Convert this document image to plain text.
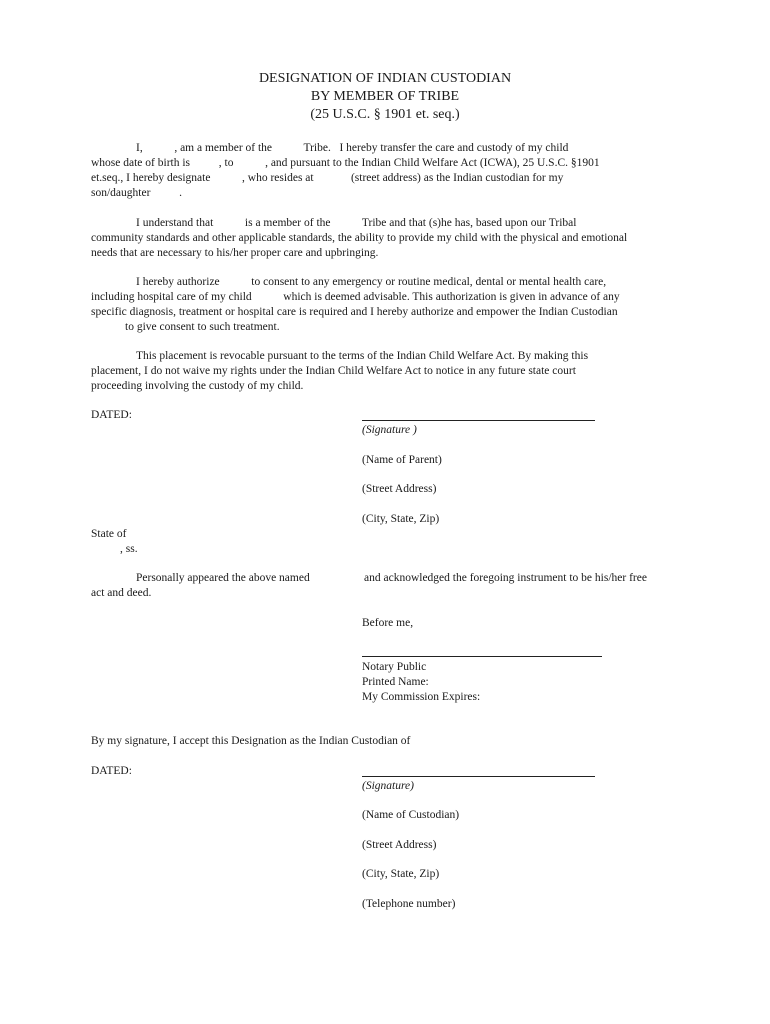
DESIGNATION OF INDIAN CUSTODIAN
BY MEMBER OF TRIBE
(25 U.S.C. § 1901 et. seq.)
I,           , am a member of the           Tribe.   I hereby transfer the care and custody of my child
whose date of birth is          , to           , and pursuant to the Indian Child Welfare Act (ICWA), 25 U.S.C. §1901
et.seq., I hereby designate           , who resides at             (street address) as the Indian custodian for my
son/daughter          .
I understand that           is a member of the           Tribe and that (s)he has, based upon our Tribal
community standards and other applicable standards, the ability to provide my child with the physical and emotional
needs that are necessary to his/her proper care and upbringing.
I hereby authorize           to consent to any emergency or routine medical, dental or mental health care,
including hospital care of my child           which is deemed advisable. This authorization is given in advance of any
specific diagnosis, treatment or hospital care is required and I hereby authorize and empower the Indian Custodian
to give consent to such treatment.
This placement is revocable pursuant to the terms of the Indian Child Welfare Act. By making this
placement, I do not waive my rights under the Indian Child Welfare Act to notice in any future state court
proceeding involving the custody of my child.
DATED:
(Signature )
(Name of Parent)
(Street Address)
(City, State, Zip)
State of
, ss.
Personally appeared the above named	and acknowledged the foregoing instrument to be his/her free
act and deed.
Before me,
Notary Public
Printed Name:
My Commission Expires:
By my signature, I accept this Designation as the Indian Custodian of
DATED:
(Signature)
(Name of Custodian)
(Street Address)
(City, State, Zip)
(Telephone number)
